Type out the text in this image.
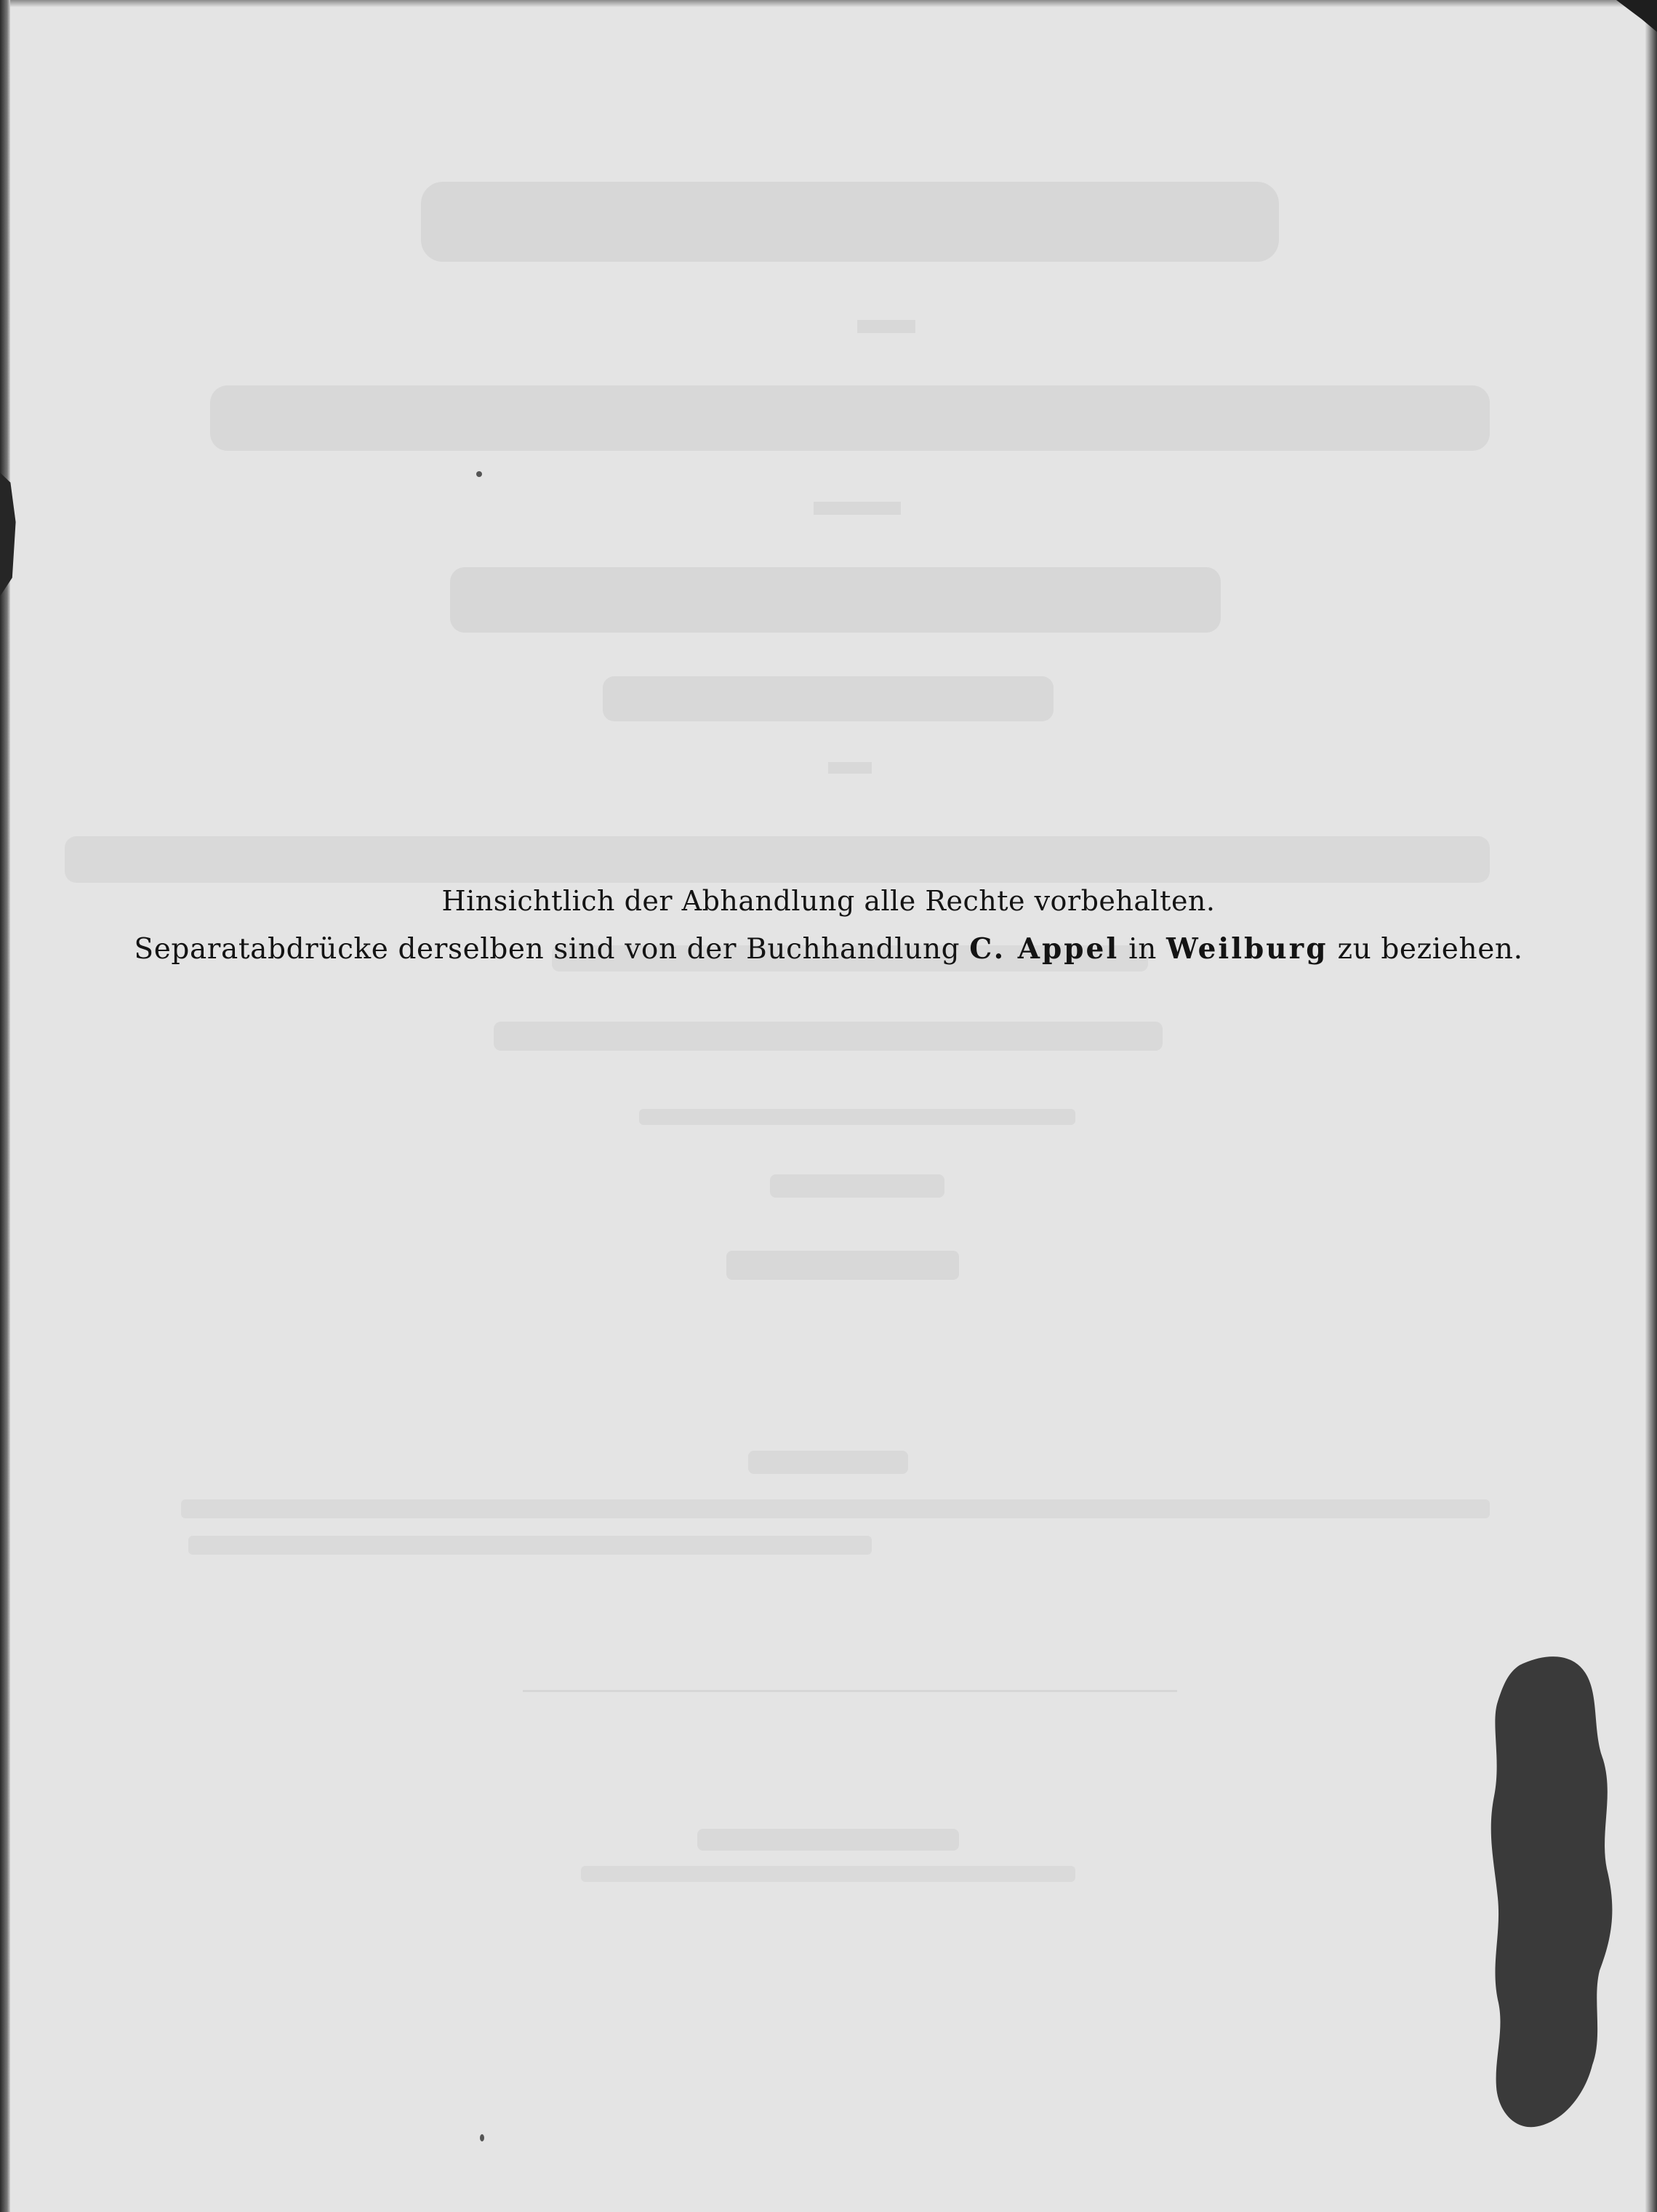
Hinsichtlich der Abhandlung alle Rechte vorbehalten.
Separatabdrücke derselben sind von der Buchhandlung C. Appel in Weilburg zu beziehen.
